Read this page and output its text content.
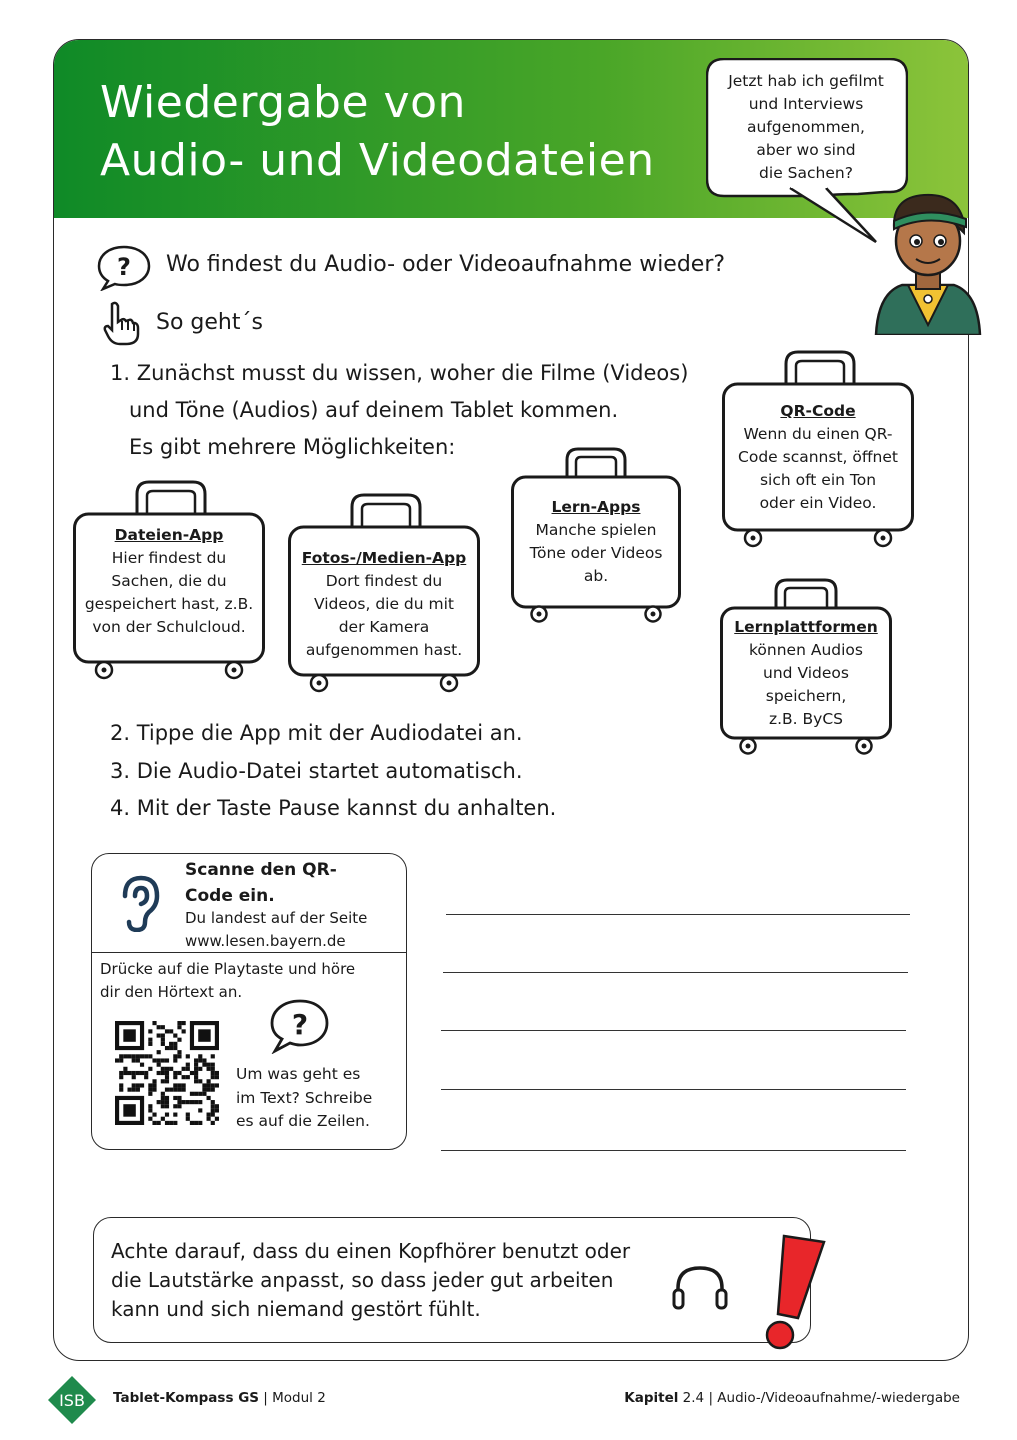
Wiedergabe von
Audio- und Videodateien
Jetzt hab ich gefilmt
und Interviews
aufgenommen,
aber wo sind
die Sachen?
? Wo findest du Audio- oder Videoaufnahme wieder?
So geht´s
1. Zunächst musst du wissen, woher die Filme (Videos)
und Töne (Audios) auf deinem Tablet kommen.
Es gibt mehrere Möglichkeiten:
Dateien-App
Hier findest du
Sachen, die du
gespeichert hast, z.B.
von der Schulcloud.
Fotos-/Medien-App
Dort findest du
Videos, die du mit
der Kamera
aufgenommen hast.
Lern-Apps
Manche spielen
Töne oder Videos
ab.
QR-Code
Wenn du einen QR-
Code scannst, öffnet
sich oft ein Ton
oder ein Video.
Lernplattformen
können Audios
und Videos
speichern,
z.B. ByCS
2. Tippe die App mit der Audiodatei an.
3. Die Audio-Datei startet automatisch.
4. Mit der Taste Pause kannst du anhalten.
Scanne den QR-
Code ein.
Du landest auf der Seite
www.lesen.bayern.de
Drücke auf die Playtaste und höre
dir den Hörtext an.
?
Um was geht es
im Text? Schreibe
es auf die Zeilen.
Achte darauf, dass du einen Kopfhörer benutzt oder
die Lautstärke anpasst, so dass jeder gut arbeiten
kann und sich niemand gestört fühlt.
ISB Tablet-Kompass GS | Modul 2	Kapitel 2.4 | Audio-/Videoaufnahme/-wiedergabe
